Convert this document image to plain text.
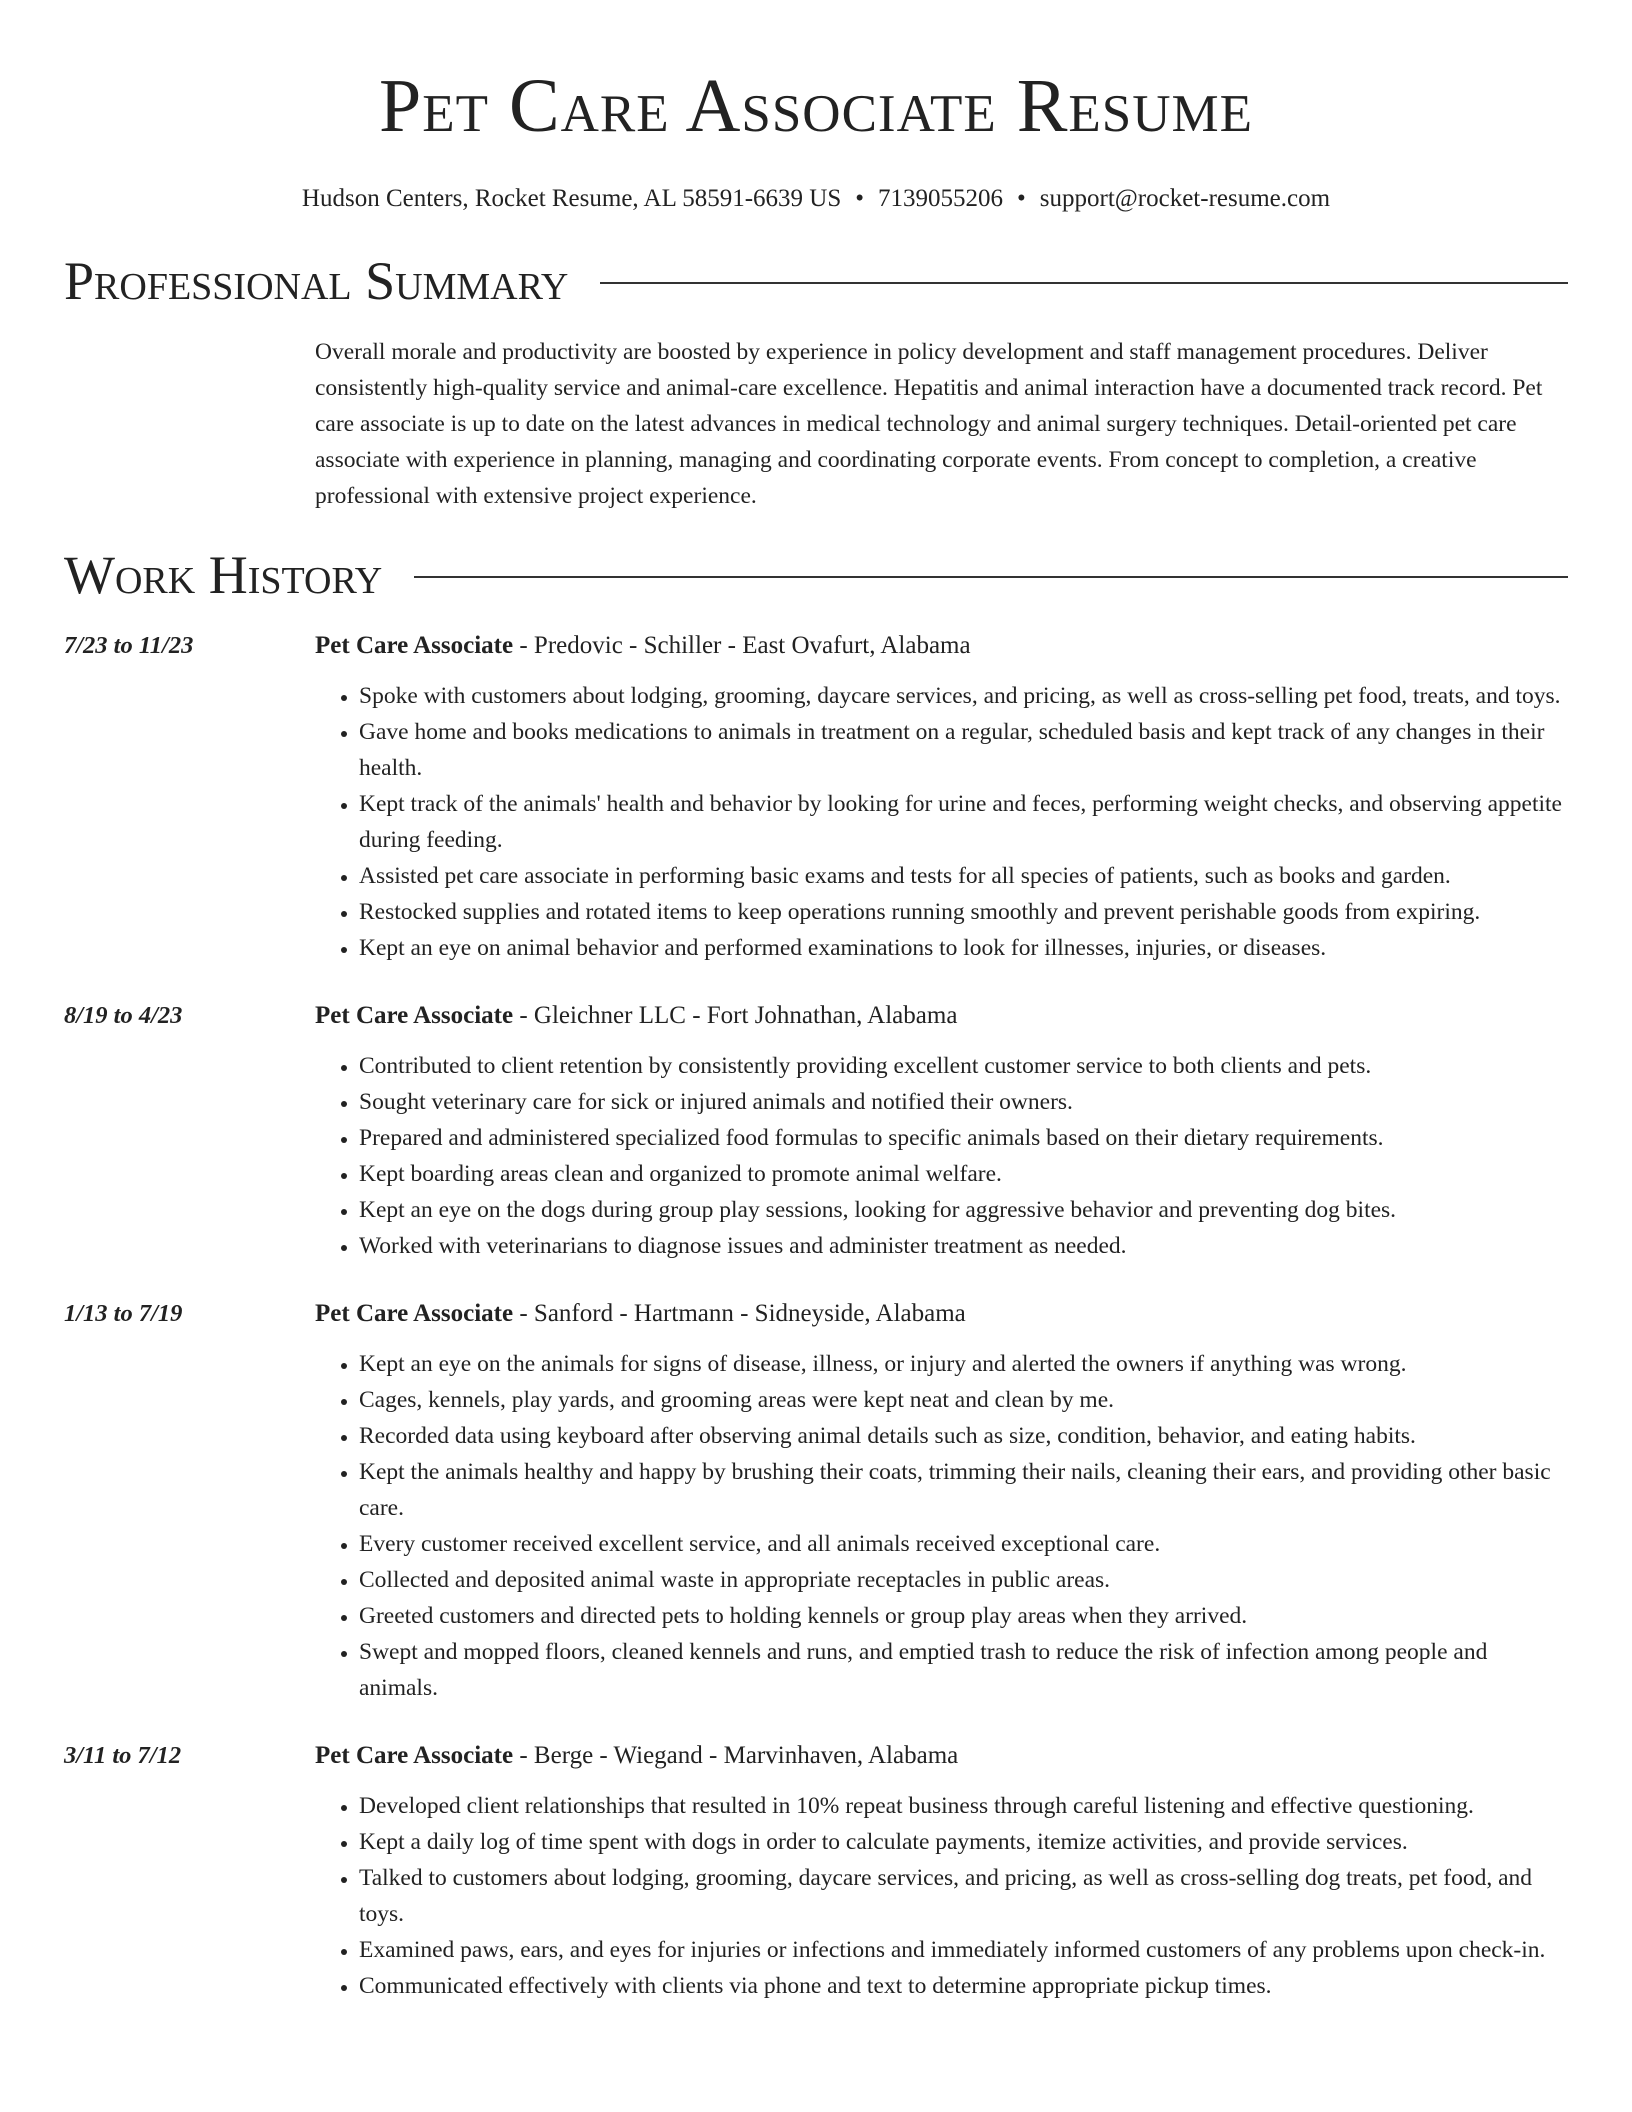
Pet Care Associate Resume
Hudson Centers, Rocket Resume, AL 58591-6639 US • 7139055206 • support@rocket-resume.com
Professional Summary
Overall morale and productivity are boosted by experience in policy development and staff management procedures. Deliver consistently high-quality service and animal-care excellence. Hepatitis and animal interaction have a documented track record. Pet care associate is up to date on the latest advances in medical technology and animal surgery techniques. Detail-oriented pet care associate with experience in planning, managing and coordinating corporate events. From concept to completion, a creative professional with extensive project experience.
Work History
7/23 to 11/23	Pet Care Associate - Predovic - Schiller - East Ovafurt, Alabama
• Spoke with customers about lodging, grooming, daycare services, and pricing, as well as cross-selling pet food, treats, and toys.
• Gave home and books medications to animals in treatment on a regular, scheduled basis and kept track of any changes in their health.
• Kept track of the animals' health and behavior by looking for urine and feces, performing weight checks, and observing appetite during feeding.
• Assisted pet care associate in performing basic exams and tests for all species of patients, such as books and garden.
• Restocked supplies and rotated items to keep operations running smoothly and prevent perishable goods from expiring.
• Kept an eye on animal behavior and performed examinations to look for illnesses, injuries, or diseases.
8/19 to 4/23	Pet Care Associate - Gleichner LLC - Fort Johnathan, Alabama
• Contributed to client retention by consistently providing excellent customer service to both clients and pets.
• Sought veterinary care for sick or injured animals and notified their owners.
• Prepared and administered specialized food formulas to specific animals based on their dietary requirements.
• Kept boarding areas clean and organized to promote animal welfare.
• Kept an eye on the dogs during group play sessions, looking for aggressive behavior and preventing dog bites.
• Worked with veterinarians to diagnose issues and administer treatment as needed.
1/13 to 7/19	Pet Care Associate - Sanford - Hartmann - Sidneyside, Alabama
• Kept an eye on the animals for signs of disease, illness, or injury and alerted the owners if anything was wrong.
• Cages, kennels, play yards, and grooming areas were kept neat and clean by me.
• Recorded data using keyboard after observing animal details such as size, condition, behavior, and eating habits.
• Kept the animals healthy and happy by brushing their coats, trimming their nails, cleaning their ears, and providing other basic care.
• Every customer received excellent service, and all animals received exceptional care.
• Collected and deposited animal waste in appropriate receptacles in public areas.
• Greeted customers and directed pets to holding kennels or group play areas when they arrived.
• Swept and mopped floors, cleaned kennels and runs, and emptied trash to reduce the risk of infection among people and animals.
3/11 to 7/12	Pet Care Associate - Berge - Wiegand - Marvinhaven, Alabama
• Developed client relationships that resulted in 10% repeat business through careful listening and effective questioning.
• Kept a daily log of time spent with dogs in order to calculate payments, itemize activities, and provide services.
• Talked to customers about lodging, grooming, daycare services, and pricing, as well as cross-selling dog treats, pet food, and toys.
• Examined paws, ears, and eyes for injuries or infections and immediately informed customers of any problems upon check-in.
• Communicated effectively with clients via phone and text to determine appropriate pickup times.
